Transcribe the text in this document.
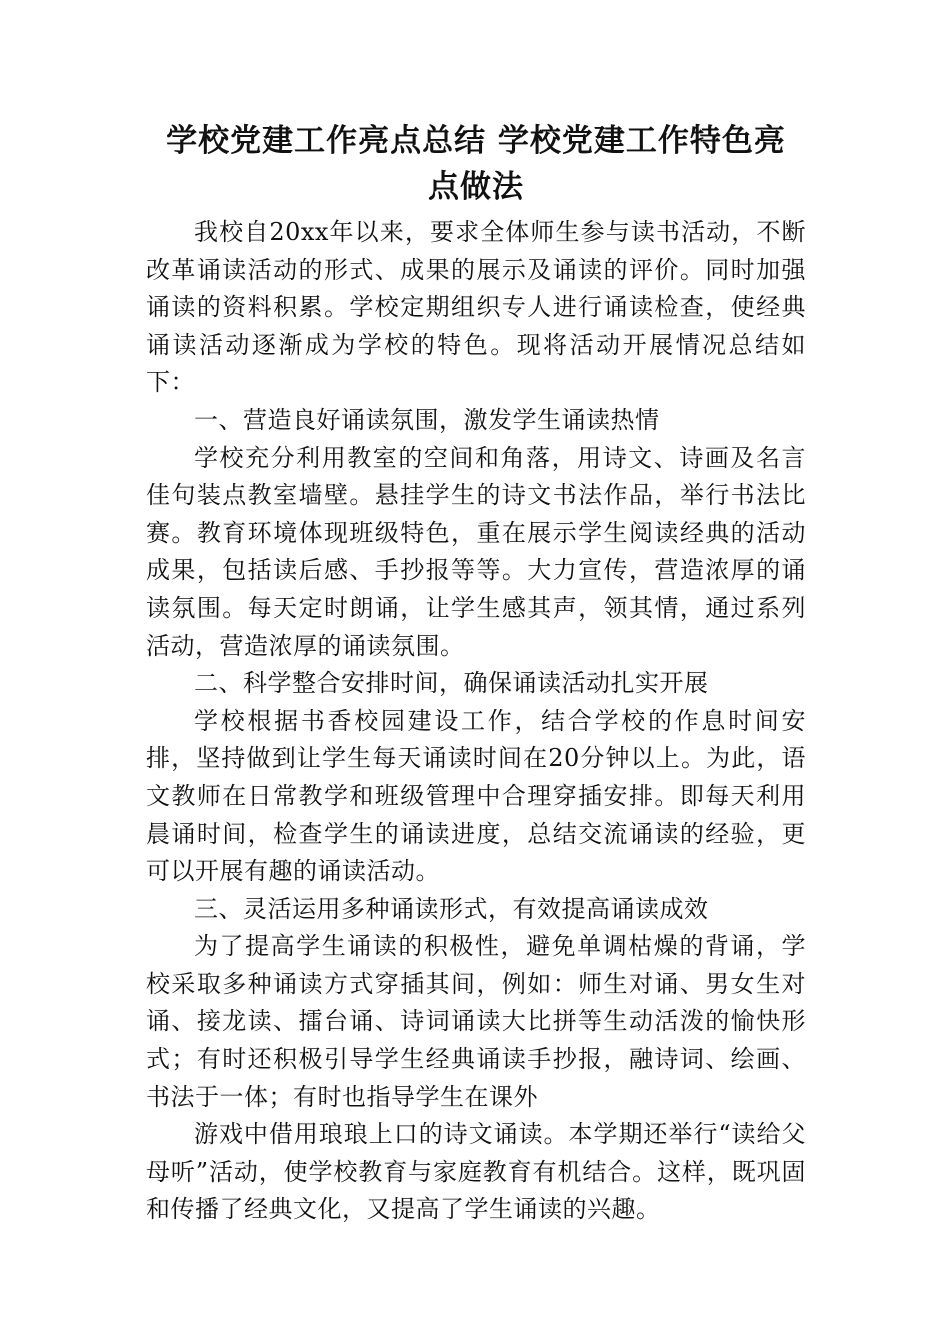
学校党建工作亮点总结 学校党建工作特色亮
点做法

我校自20xx年以来，要求全体师生参与读书活动，不断改革诵读活动的形式、成果的展示及诵读的评价。同时加强诵读的资料积累。学校定期组织专人进行诵读检查，使经典诵读活动逐渐成为学校的特色。现将活动开展情况总结如下：

一、营造良好诵读氛围，激发学生诵读热情

学校充分利用教室的空间和角落，用诗文、诗画及名言佳句装点教室墙壁。悬挂学生的诗文书法作品，举行书法比赛。教育环境体现班级特色，重在展示学生阅读经典的活动成果，包括读后感、手抄报等等。大力宣传，营造浓厚的诵读氛围。每天定时朗诵，让学生感其声，领其情，通过系列活动，营造浓厚的诵读氛围。

二、科学整合安排时间，确保诵读活动扎实开展

学校根据书香校园建设工作，结合学校的作息时间安排，坚持做到让学生每天诵读时间在20分钟以上。为此，语文教师在日常教学和班级管理中合理穿插安排。即每天利用晨诵时间，检查学生的诵读进度，总结交流诵读的经验，更可以开展有趣的诵读活动。

三、灵活运用多种诵读形式，有效提高诵读成效

为了提高学生诵读的积极性，避免单调枯燥的背诵，学校采取多种诵读方式穿插其间，例如：师生对诵、男女生对诵、接龙读、擂台诵、诗词诵读大比拼等生动活泼的愉快形式；有时还积极引导学生经典诵读手抄报，融诗词、绘画、书法于一体；有时也指导学生在课外

游戏中借用琅琅上口的诗文诵读。本学期还举行“读给父母听”活动，使学校教育与家庭教育有机结合。这样，既巩固和传播了经典文化，又提高了学生诵读的兴趣。
